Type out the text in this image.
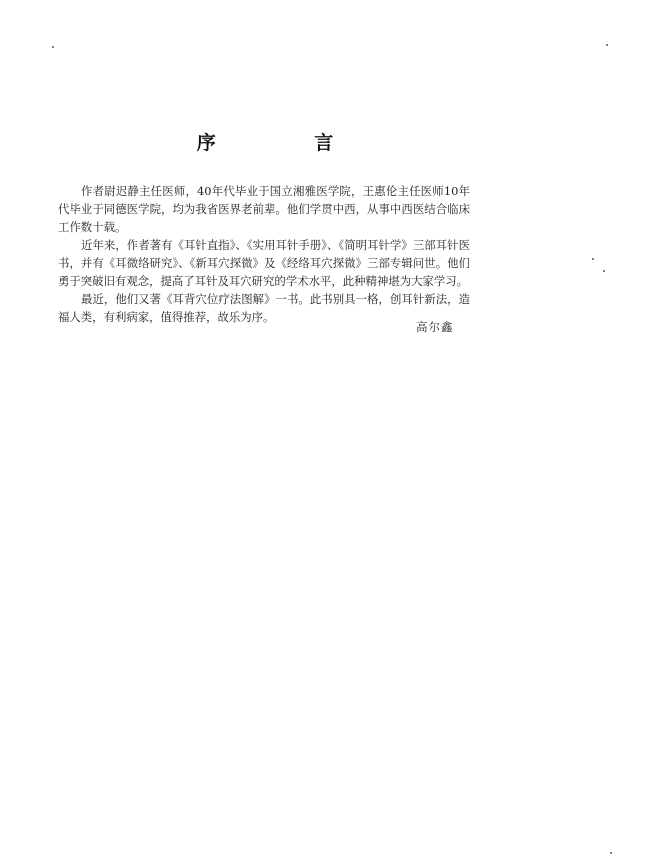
序 言

作者尉迟静主任医师，40年代毕业于国立湘雅医学院，王惠伦主任医师10年代毕业于同德医学院，均为我省医界老前辈。他们学贯中西，从事中西医结合临床工作数十载。

近年来，作者著有《耳针直指》、《实用耳针手册》、《简明耳针学》三部耳针医书，并有《耳微络研究》、《新耳穴探微》及《经络耳穴探微》三部专辑问世。他们勇于突破旧有观念，提高了耳针及耳穴研究的学术水平，此种精神堪为大家学习。

最近，他们又著《耳背穴位疗法图解》一书。此书别具一格，创耳针新法，造福人类，有利病家，值得推荐，故乐为序。

高尔鑫
